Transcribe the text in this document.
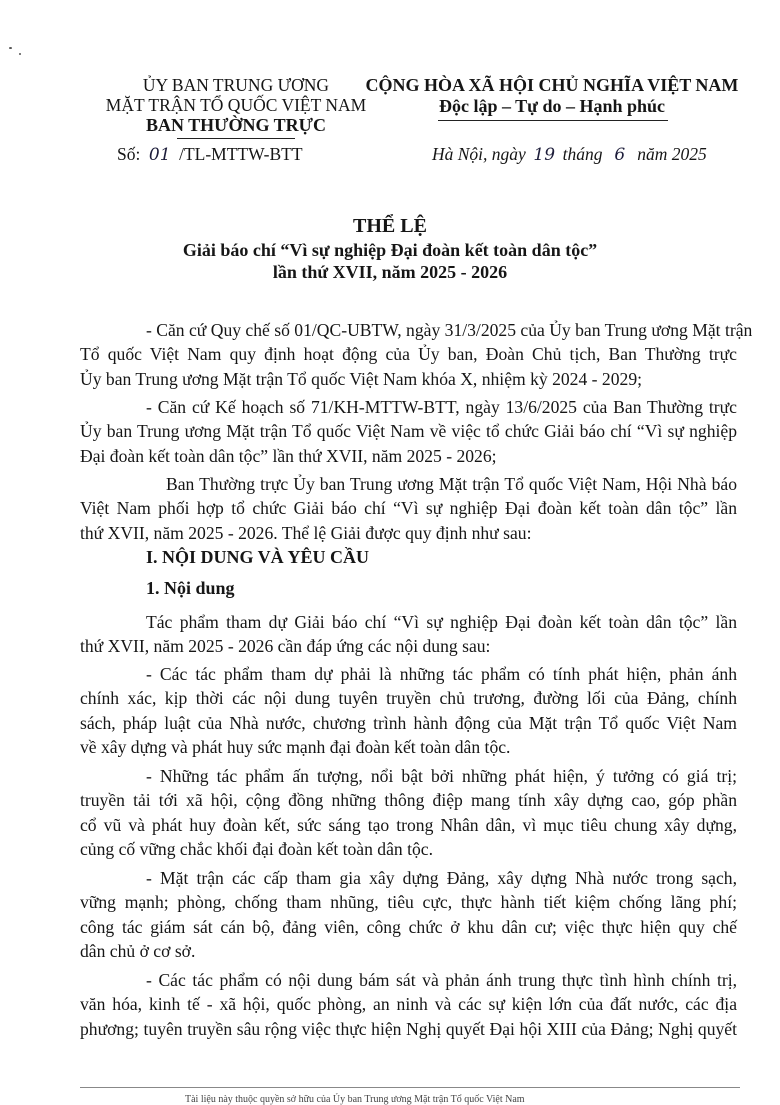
ỦY BAN TRUNG ƯƠNG
MẶT TRẬN TỔ QUỐC VIỆT NAM
BAN THƯỜNG TRỰC
Số: 01 /TL-MTTW-BTT
CỘNG HÒA XÃ HỘI CHỦ NGHĨA VIỆT NAM
Độc lập – Tự do – Hạnh phúc
Hà Nội, ngày 19 tháng 6 năm 2025
THỂ LỆ
Giải báo chí “Vì sự nghiệp Đại đoàn kết toàn dân tộc”
lần thứ XVII, năm 2025 - 2026
- Căn cứ Quy chế số 01/QC-UBTW, ngày 31/3/2025 của Ủy ban Trung ương Mặt trận
Tổ quốc Việt Nam quy định hoạt động của Ủy ban, Đoàn Chủ tịch, Ban Thường trực
Ủy ban Trung ương Mặt trận Tổ quốc Việt Nam khóa X, nhiệm kỳ 2024 - 2029;
- Căn cứ Kế hoạch số 71/KH-MTTW-BTT, ngày 13/6/2025 của Ban Thường trực
Ủy ban Trung ương Mặt trận Tổ quốc Việt Nam về việc tổ chức Giải báo chí “Vì sự nghiệp
Đại đoàn kết toàn dân tộc” lần thứ XVII, năm 2025 - 2026;
Ban Thường trực Ủy ban Trung ương Mặt trận Tổ quốc Việt Nam, Hội Nhà báo
Việt Nam phối hợp tổ chức Giải báo chí “Vì sự nghiệp Đại đoàn kết toàn dân tộc” lần
thứ XVII, năm 2025 - 2026. Thể lệ Giải được quy định như sau:
I. NỘI DUNG VÀ YÊU CẦU
1. Nội dung
Tác phẩm tham dự Giải báo chí “Vì sự nghiệp Đại đoàn kết toàn dân tộc” lần
thứ XVII, năm 2025 - 2026 cần đáp ứng các nội dung sau:
- Các tác phẩm tham dự phải là những tác phẩm có tính phát hiện, phản ánh
chính xác, kịp thời các nội dung tuyên truyền chủ trương, đường lối của Đảng, chính
sách, pháp luật của Nhà nước, chương trình hành động của Mặt trận Tổ quốc Việt Nam
về xây dựng và phát huy sức mạnh đại đoàn kết toàn dân tộc.
- Những tác phẩm ấn tượng, nổi bật bởi những phát hiện, ý tưởng có giá trị;
truyền tải tới xã hội, cộng đồng những thông điệp mang tính xây dựng cao, góp phần
cổ vũ và phát huy đoàn kết, sức sáng tạo trong Nhân dân, vì mục tiêu chung xây dựng,
củng cố vững chắc khối đại đoàn kết toàn dân tộc.
- Mặt trận các cấp tham gia xây dựng Đảng, xây dựng Nhà nước trong sạch,
vững mạnh; phòng, chống tham nhũng, tiêu cực, thực hành tiết kiệm chống lãng phí;
công tác giám sát cán bộ, đảng viên, công chức ở khu dân cư; việc thực hiện quy chế
dân chủ ở cơ sở.
- Các tác phẩm có nội dung bám sát và phản ánh trung thực tình hình chính trị,
văn hóa, kinh tế - xã hội, quốc phòng, an ninh và các sự kiện lớn của đất nước, các địa
phương; tuyên truyền sâu rộng việc thực hiện Nghị quyết Đại hội XIII của Đảng; Nghị quyết
Tài liệu này thuộc quyền sở hữu của Ủy ban Trung ương Mặt trận Tổ quốc Việt Nam
